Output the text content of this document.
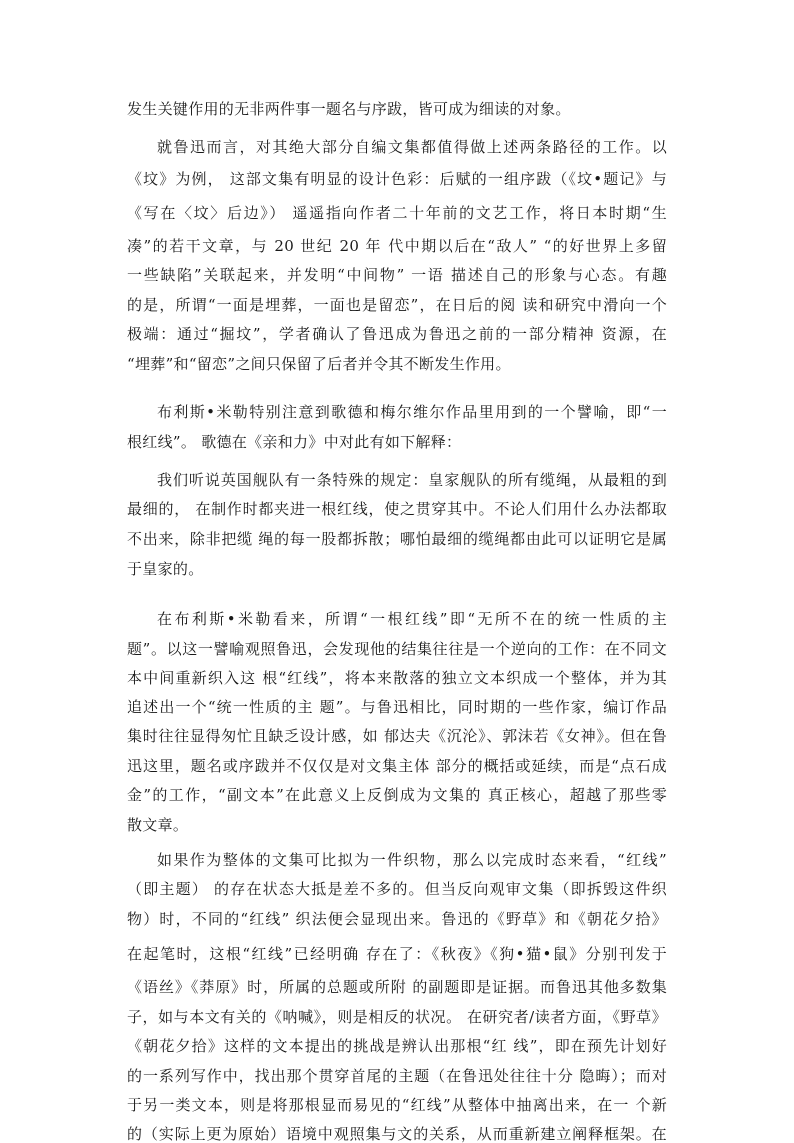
发生关键作用的无非两件事一题名与序跋，皆可成为细读的对象。
就鲁迅而言，对其绝大部分自编文集都值得做上述两条路径的工作。以
《坟》为例， 这部文集有明显的设计色彩：后赋的一组序跋（《坟•题记》与
《写在〈坟〉后边》） 遥遥指向作者二十年前的文艺工作，将日本时期“生
凑”的若干文章，与 20 世纪 20 年 代中期以后在“敌人” “的好世界上多留
一些缺陷”关联起来，并发明“中间物” 一语 描述自己的形象与心态。有趣
的是，所谓“一面是埋葬，一面也是留恋”，在日后的阅 读和研究中滑向一个
极端：通过“掘坟”，学者确认了鲁迅成为鲁迅之前的一部分精神 资源，在
“埋葬”和“留恋”之间只保留了后者并令其不断发生作用。
布利斯•米勒特别注意到歌德和梅尔维尔作品里用到的一个譬喻，即“一
根红线”。 歌德在《亲和力》中对此有如下解释：
我们听说英国舰队有一条特殊的规定：皇家舰队的所有缆绳，从最粗的到
最细的， 在制作时都夹进一根红线，使之贯穿其中。不论人们用什么办法都取
不出来，除非把缆 绳的每一股都拆散；哪怕最细的缆绳都由此可以证明它是属
于皇家的。
在布利斯•米勒看来，所谓“一根红线”即“无所不在的统一性质的主
题”。以这一譬喻观照鲁迅，会发现他的结集往往是一个逆向的工作：在不同文
本中间重新织入这 根“红线”，将本来散落的独立文本织成一个整体，并为其
追述出一个“统一性质的主 题”。与鲁迅相比，同时期的一些作家，编订作品
集时往往显得匆忙且缺乏设计感，如 郁达夫《沉沦》、郭沫若《女神》。但在鲁
迅这里，题名或序跋并不仅仅是对文集主体 部分的概括或延续，而是“点石成
金”的工作，“副文本”在此意义上反倒成为文集的 真正核心，超越了那些零
散文章。
如果作为整体的文集可比拟为一件织物，那么以完成时态来看，“红线”
（即主题） 的存在状态大抵是差不多的。但当反向观审文集（即拆毁这件织
物）时，不同的“红线” 织法便会显现出来。鲁迅的《野草》和《朝花夕拾》
在起笔时，这根“红线”已经明确 存在了：《秋夜》《狗•猫•鼠》分别刊发于
《语丝》《莽原》时，所属的总题或所附 的副题即是证据。而鲁迅其他多数集
子，如与本文有关的《呐喊》，则是相反的状况。 在研究者/读者方面，《野草》
《朝花夕拾》这样的文本提出的挑战是辨认出那根“红 线”，即在预先计划好
的一系列写作中，找出那个贯穿首尾的主题（在鲁迅处往往十分 隐晦）；而对
于另一类文本，则是将那根显而易见的“红线”从整体中抽离出来，在一 个新
的（实际上更为原始）语境中观照集与文的关系，从而重新建立阐释框架。在
